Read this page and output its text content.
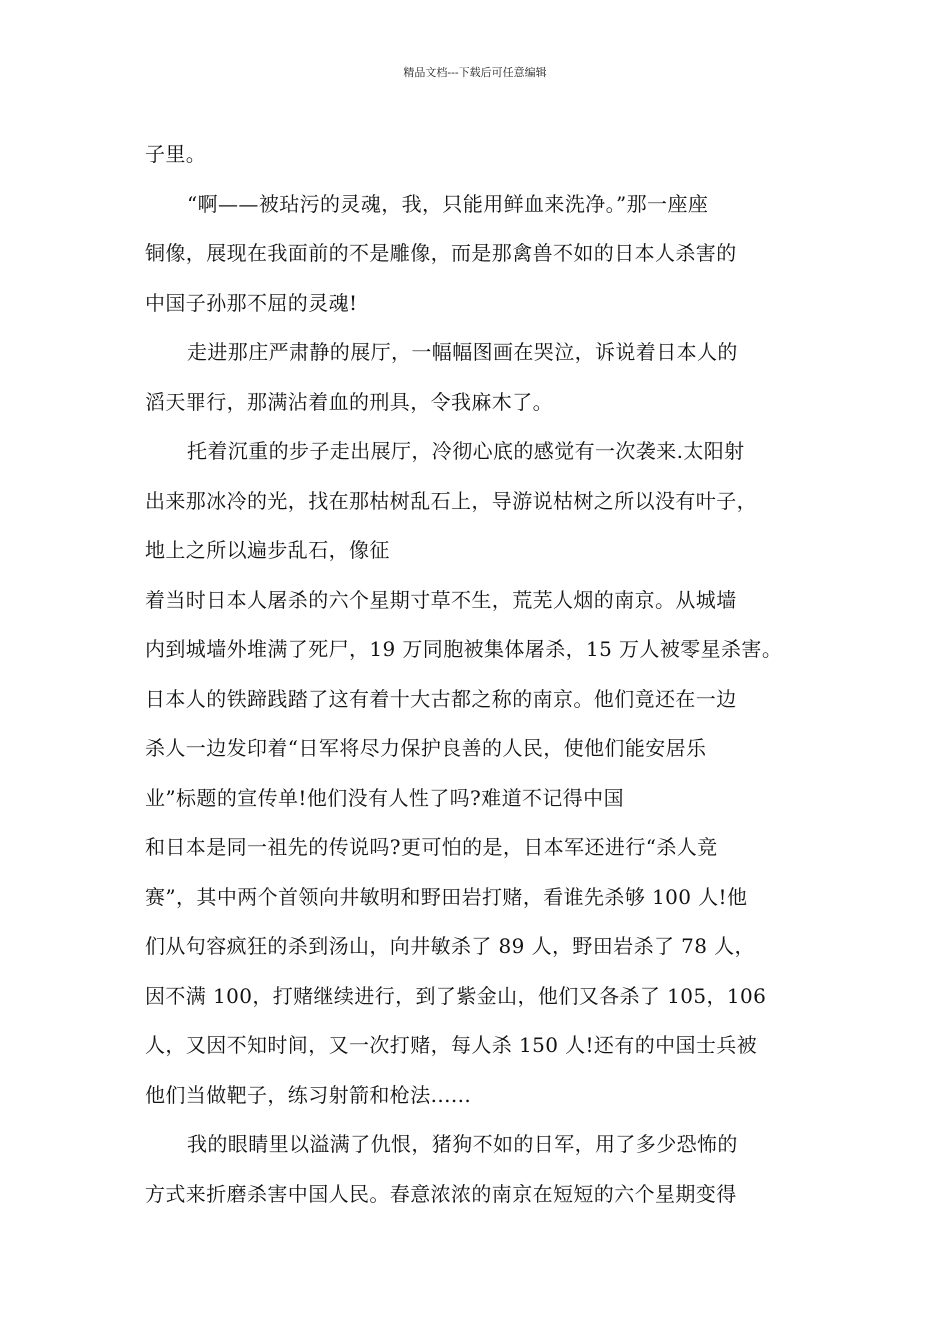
精品文档---下载后可任意编辑
子里。
“啊——被玷污的灵魂，我，只能用鲜血来洗净。”那一座座
铜像，展现在我面前的不是雕像，而是那禽兽不如的日本人杀害的
中国子孙那不屈的灵魂!
走进那庄严肃静的展厅，一幅幅图画在哭泣，诉说着日本人的
滔天罪行，那满沾着血的刑具，令我麻木了。
托着沉重的步子走出展厅，冷彻心底的感觉有一次袭来.太阳射
出来那冰冷的光，找在那枯树乱石上，导游说枯树之所以没有叶子，
地上之所以遍步乱石，像征
着当时日本人屠杀的六个星期寸草不生，荒芜人烟的南京。从城墙
内到城墙外堆满了死尸，19 万同胞被集体屠杀，15 万人被零星杀害。
日本人的铁蹄践踏了这有着十大古都之称的南京。他们竟还在一边
杀人一边发印着“日军将尽力保护良善的人民，使他们能安居乐
业”标题的宣传单!他们没有人性了吗?难道不记得中国
和日本是同一祖先的传说吗?更可怕的是，日本军还进行“杀人竞
赛”，其中两个首领向井敏明和野田岩打赌，看谁先杀够 100 人!他
们从句容疯狂的杀到汤山，向井敏杀了 89 人，野田岩杀了 78 人，
因不满 100，打赌继续进行，到了紫金山，他们又各杀了 105，106
人，又因不知时间，又一次打赌，每人杀 150 人!还有的中国士兵被
他们当做靶子，练习射箭和枪法......
我的眼睛里以溢满了仇恨，猪狗不如的日军，用了多少恐怖的
方式来折磨杀害中国人民。春意浓浓的南京在短短的六个星期变得
